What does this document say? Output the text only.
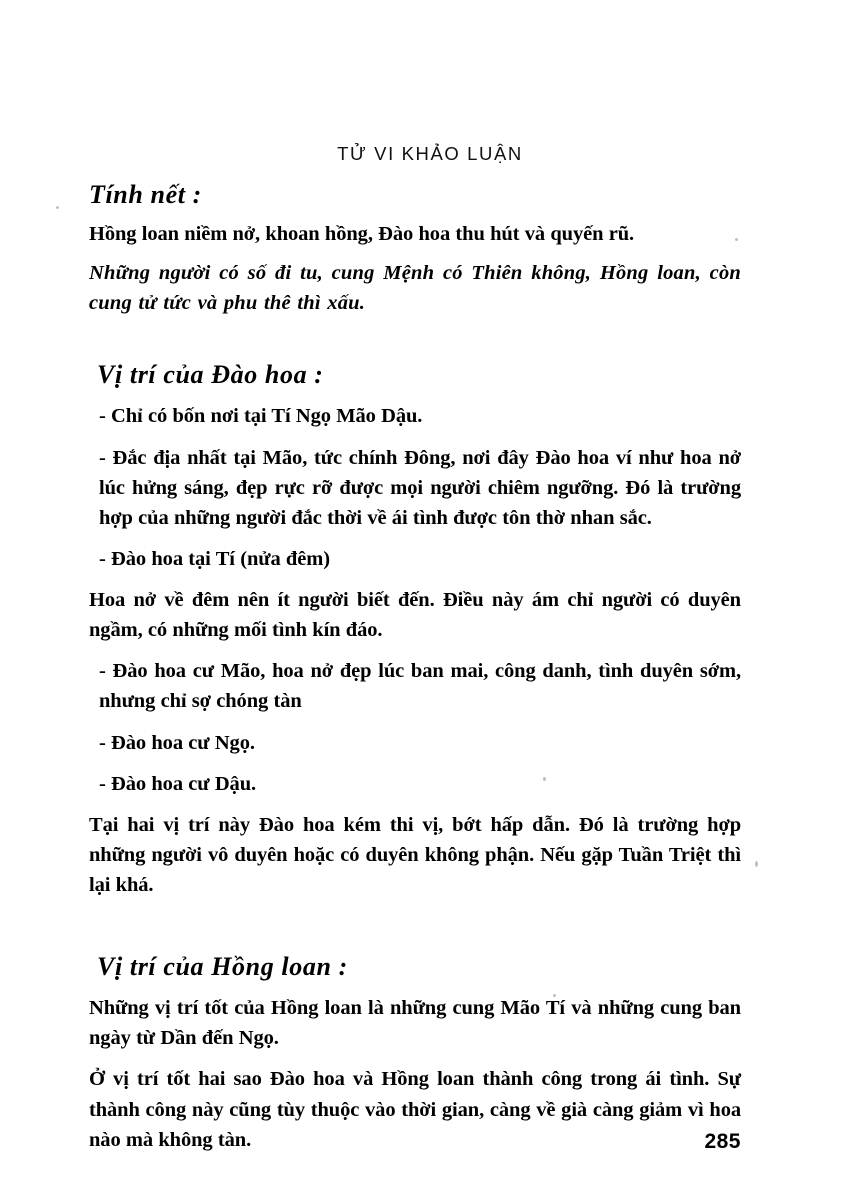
TỬ VI KHẢO LUẬN
Tính nết :

Hồng loan niềm nở, khoan hồng, Đào hoa thu hút và quyến rũ.

Những người có số đi tu, cung Mệnh có Thiên không, Hồng loan, còn cung tử tức và phu thê thì xấu.

Vị trí của Đào hoa :

- Chỉ có bốn nơi tại Tí Ngọ Mão Dậu.

- Đắc địa nhất tại Mão, tức chính Đông, nơi đây Đào hoa ví như hoa nở lúc hửng sáng, đẹp rực rỡ được mọi người chiêm ngưỡng. Đó là trường hợp của những người đắc thời về ái tình được tôn thờ nhan sắc.

- Đào hoa tại Tí (nửa đêm)

Hoa nở về đêm nên ít người biết đến. Điều này ám chỉ người có duyên ngầm, có những mối tình kín đáo.

- Đào hoa cư Mão, hoa nở đẹp lúc ban mai, công danh, tình duyên sớm, nhưng chỉ sợ chóng tàn

- Đào hoa cư Ngọ.

- Đào hoa cư Dậu.

Tại hai vị trí này Đào hoa kém thi vị, bớt hấp dẫn. Đó là trường hợp những người vô duyên hoặc có duyên không phận. Nếu gặp Tuần Triệt thì lại khá.

Vị trí của Hồng loan :

Những vị trí tốt của Hồng loan là những cung Mão Tí và những cung ban ngày từ Dần đến Ngọ.

Ở vị trí tốt hai sao Đào hoa và Hồng loan thành công trong ái tình. Sự thành công này cũng tùy thuộc vào thời gian, càng về già càng giảm vì hoa nào mà không tàn.	285
